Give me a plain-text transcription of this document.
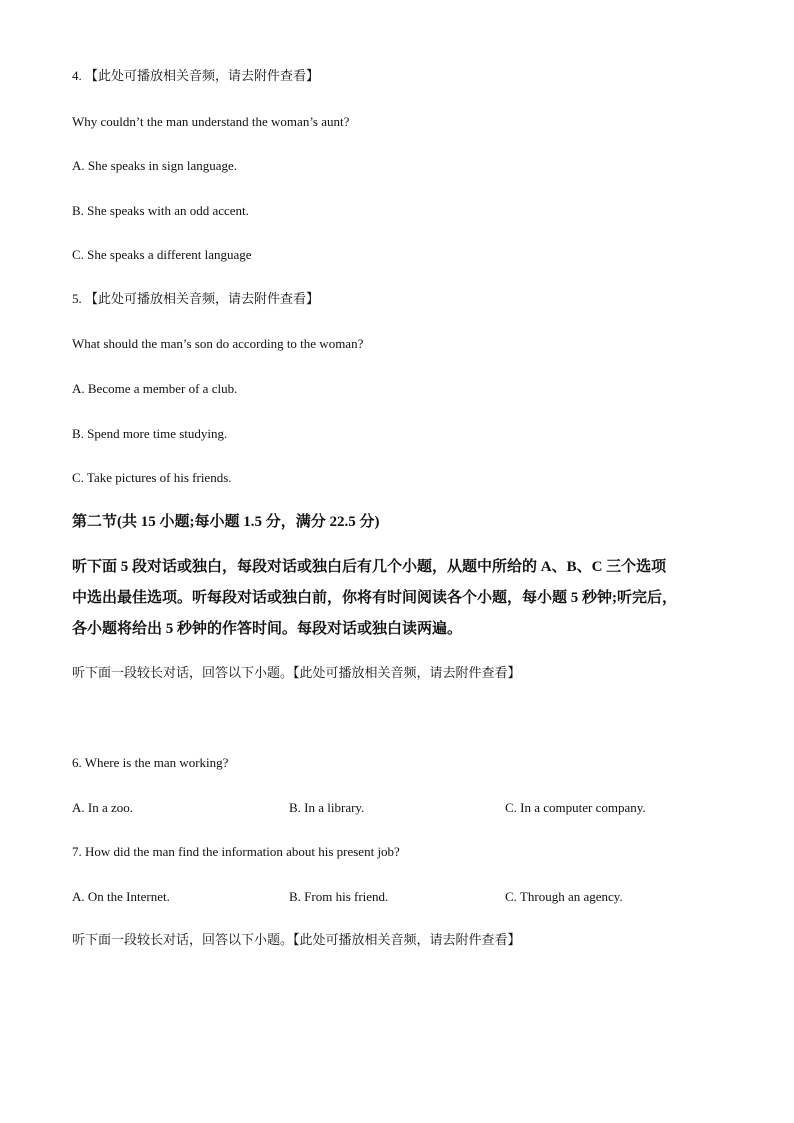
4. 【此处可播放相关音频，请去附件查看】
Why couldn’t the man understand the woman’s aunt?
A. She speaks in sign language.
B. She speaks with an odd accent.
C. She speaks a different language
5. 【此处可播放相关音频，请去附件查看】
What should the man’s son do according to the woman?
A. Become a member of a club.
B. Spend more time studying.
C. Take pictures of his friends.
第二节(共 15 小题;每小题 1.5 分，满分 22.5 分)
听下面 5 段对话或独白，每段对话或独白后有几个小题，从题中所给的 A、B、C 三个选项
中选出最佳选项。听每段对话或独白前，你将有时间阅读各个小题，每小题 5 秒钟;听完后，
各小题将给出 5 秒钟的作答时间。每段对话或独白读两遍。
听下面一段较长对话，回答以下小题。【此处可播放相关音频，请去附件查看】
6. Where is the man working?
A. In a zoo.	B. In a library.	C. In a computer company.
7. How did the man find the information about his present job?
A. On the Internet.	B. From his friend.	C. Through an agency.
听下面一段较长对话，回答以下小题。【此处可播放相关音频，请去附件查看】
